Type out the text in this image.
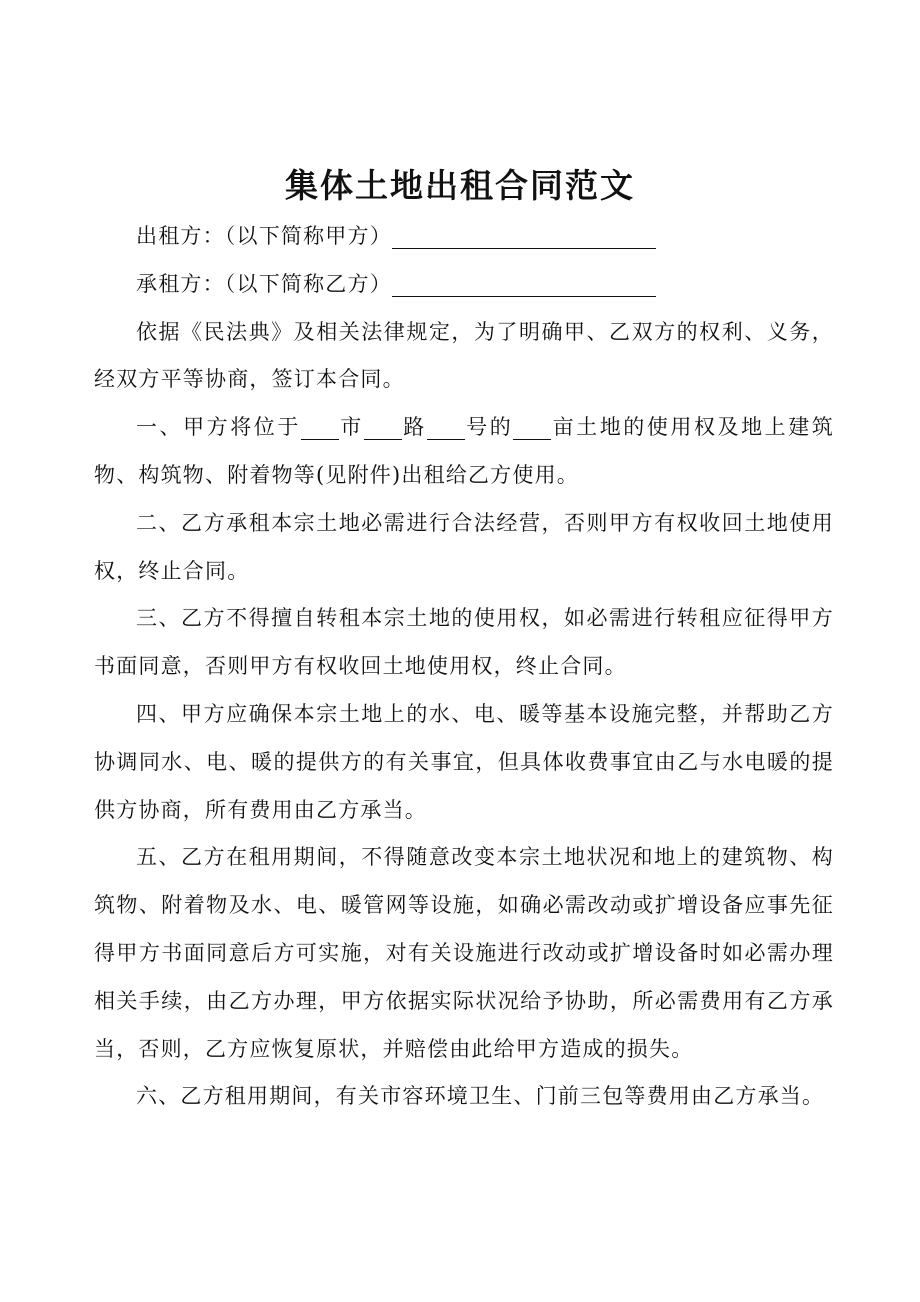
集体土地出租合同范文

出租方：（以下简称甲方）

承租方：（以下简称乙方）

依据《民法典》及相关法律规定，为了明确甲、乙双方的权利、义务，经双方平等协商，签订本合同。

一、甲方将位于 市 路 号的 亩土地的使用权及地上建筑物、构筑物、附着物等(见附件)出租给乙方使用。

二、乙方承租本宗土地必需进行合法经营，否则甲方有权收回土地使用权，终止合同。

三、乙方不得擅自转租本宗土地的使用权，如必需进行转租应征得甲方书面同意，否则甲方有权收回土地使用权，终止合同。

四、甲方应确保本宗土地上的水、电、暖等基本设施完整，并帮助乙方协调同水、电、暖的提供方的有关事宜，但具体收费事宜由乙与水电暖的提供方协商，所有费用由乙方承当。

五、乙方在租用期间，不得随意改变本宗土地状况和地上的建筑物、构筑物、附着物及水、电、暖管网等设施，如确必需改动或扩增设备应事先征得甲方书面同意后方可实施，对有关设施进行改动或扩增设备时如必需办理相关手续，由乙方办理，甲方依据实际状况给予协助，所必需费用有乙方承当，否则，乙方应恢复原状，并赔偿由此给甲方造成的损失。

六、乙方租用期间，有关市容环境卫生、门前三包等费用由乙方承当。
